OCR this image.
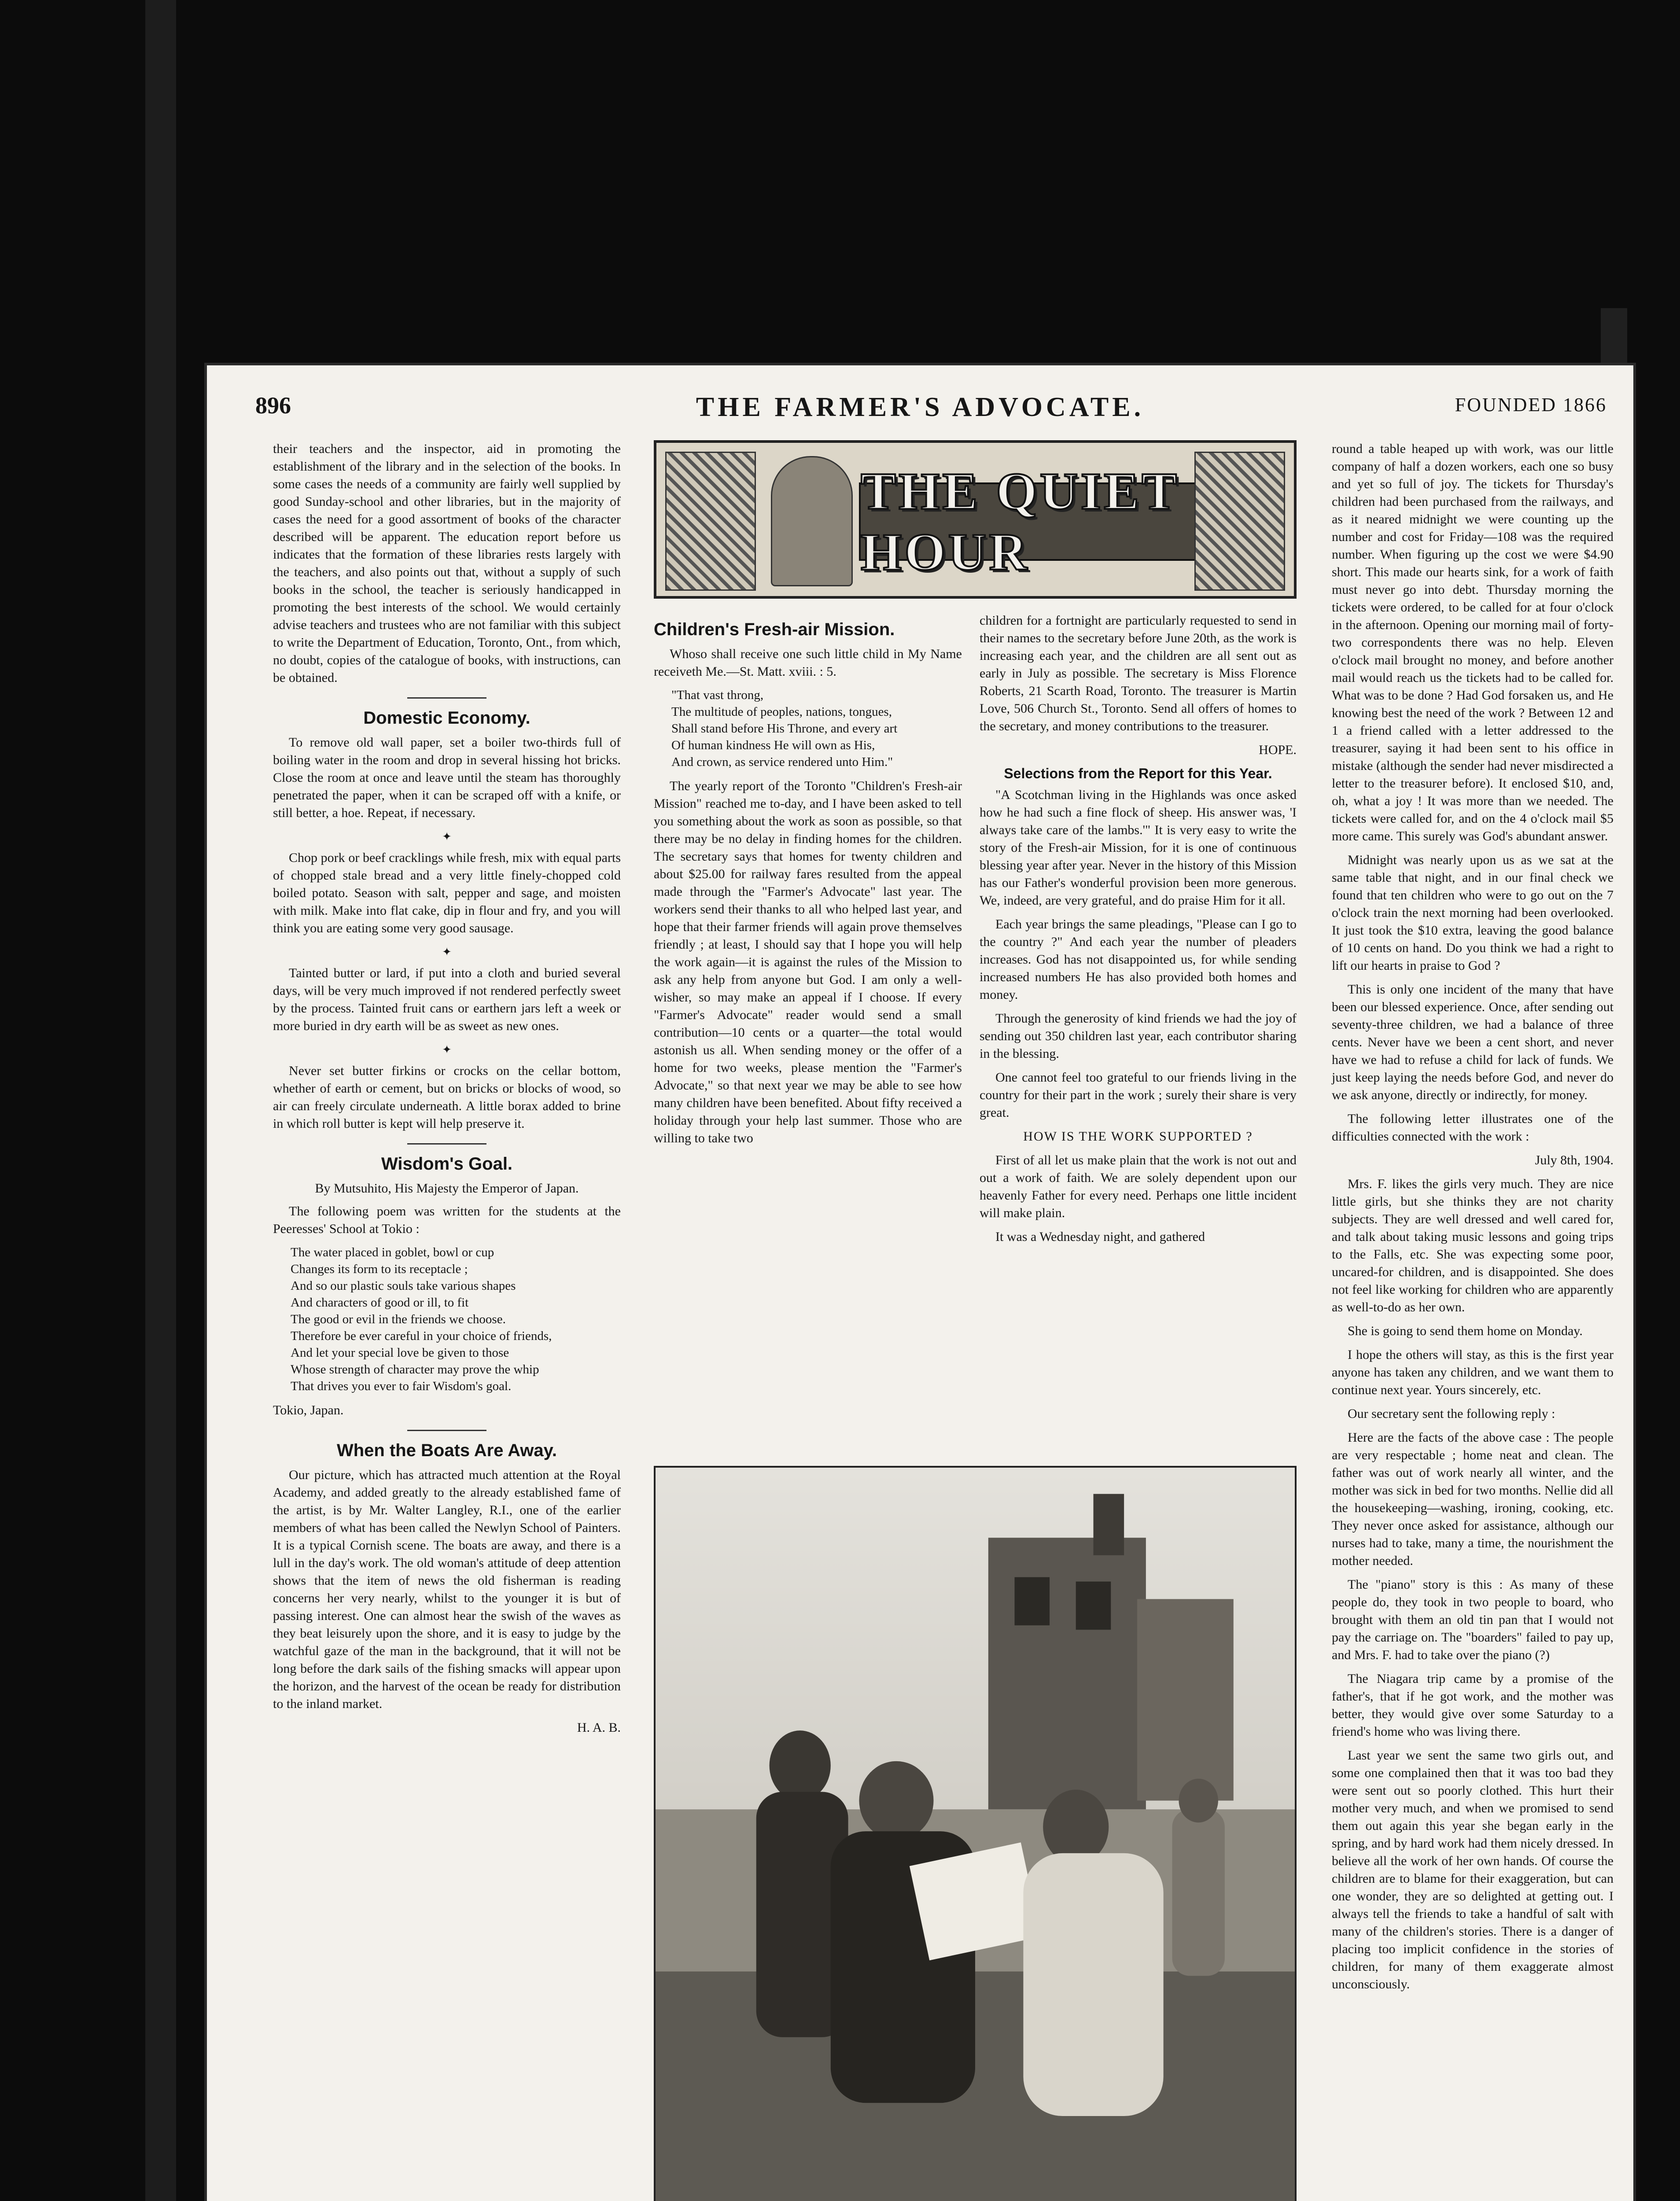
896	THE FARMER'S ADVOCATE.	FOUNDED 1866

their teachers and the inspector, aid in promoting the establishment of the library and in the selection of the books. In some cases the needs of a community are fairly well supplied by good Sunday-school and other libraries, but in the majority of cases the need for a good assortment of books of the character described will be apparent. The education report before us indicates that the formation of these libraries rests largely with the teachers, and also points out that, without a supply of such books in the school, the teacher is seriously handicapped in promoting the best interests of the school. We would certainly advise teachers and trustees who are not familiar with this subject to write the Department of Education, Toronto, Ont., from which, no doubt, copies of the catalogue of books, with instructions, can be obtained.

Domestic Economy.

To remove old wall paper, set a boiler two-thirds full of boiling water in the room and drop in several hissing hot bricks. Close the room at once and leave until the steam has thoroughly penetrated the paper, when it can be scraped off with a knife, or still better, a hoe. Repeat, if necessary.

✦

Chop pork or beef cracklings while fresh, mix with equal parts of chopped stale bread and a very little finely-chopped cold boiled potato. Season with salt, pepper and sage, and moisten with milk. Make into flat cake, dip in flour and fry, and you will think you are eating some very good sausage.

✦

Tainted butter or lard, if put into a cloth and buried several days, will be very much improved if not rendered perfectly sweet by the process. Tainted fruit cans or earthern jars left a week or more buried in dry earth will be as sweet as new ones.

✦

Never set butter firkins or crocks on the cellar bottom, whether of earth or cement, but on bricks or blocks of wood, so air can freely circulate underneath. A little borax added to brine in which roll butter is kept will help preserve it.

Wisdom's Goal.
By Mutsuhito, His Majesty the Emperor of Japan.

The following poem was written for the students at the Peeresses' School at Tokio :

The water placed in goblet, bowl or cup
Changes its form to its receptacle ;
And so our plastic souls take various shapes
And characters of good or ill, to fit
The good or evil in the friends we choose.
Therefore be ever careful in your choice of friends,
And let your special love be given to those
Whose strength of character may prove the whip
That drives you ever to fair Wisdom's goal.

Tokio, Japan.

When the Boats Are Away.

Our picture, which has attracted much attention at the Royal Academy, and added greatly to the already established fame of the artist, is by Mr. Walter Langley, R.I., one of the earlier members of what has been called the Newlyn School of Painters. It is a typical Cornish scene. The boats are away, and there is a lull in the day's work. The old woman's attitude of deep attention shows that the item of news the old fisherman is reading concerns her very nearly, whilst to the younger it is but of passing interest. One can almost hear the swish of the waves as they beat leisurely upon the shore, and it is easy to judge by the watchful gaze of the man in the background, that it will not be long before the dark sails of the fishing smacks will appear upon the horizon, and the harvest of the ocean be ready for distribution to the inland market.

H. A. B.
THE QUIET HOUR
Children's Fresh-air Mission.

Whoso shall receive one such little child in My Name receiveth Me.—St. Matt. xviii. : 5.

"That vast throng,
The multitude of peoples, nations, tongues,
Shall stand before His Throne, and every art
Of human kindness He will own as His,
And crown, as service rendered unto Him."

The yearly report of the Toronto "Children's Fresh-air Mission" reached me to-day, and I have been asked to tell you something about the work as soon as possible, so that there may be no delay in finding homes for the children. The secretary says that homes for twenty children and about $25.00 for railway fares resulted from the appeal made through the "Farmer's Advocate" last year. The workers send their thanks to all who helped last year, and hope that their farmer friends will again prove themselves friendly ; at least, I should say that I hope you will help the work again—it is against the rules of the Mission to ask any help from anyone but God. I am only a well-wisher, so may make an appeal if I choose. If every "Farmer's Advocate" reader would send a small contribution—10 cents or a quarter—the total would astonish us all. When sending money or the offer of a home for two weeks, please mention the "Farmer's Advocate," so that next year we may be able to see how many children have been benefited. About fifty received a holiday through your help last summer. Those who are willing to take two

children for a fortnight are particularly requested to send in their names to the secretary before June 20th, as the work is increasing each year, and the children are all sent out as early in July as possible. The secretary is Miss Florence Roberts, 21 Scarth Road, Toronto. The treasurer is Martin Love, 506 Church St., Toronto. Send all offers of homes to the secretary, and money contributions to the treasurer.

HOPE.
Selections from the Report for this Year.

"A Scotchman living in the Highlands was once asked how he had such a fine flock of sheep. His answer was, 'I always take care of the lambs.'" It is very easy to write the story of the Fresh-air Mission, for it is one of continuous blessing year after year. Never in the history of this Mission has our Father's wonderful provision been more generous. We, indeed, are very grateful, and do praise Him for it all.

Each year brings the same pleadings, "Please can I go to the country ?" And each year the number of pleaders increases. God has not disappointed us, for while sending increased numbers He has also provided both homes and money.

Through the generosity of kind friends we had the joy of sending out 350 children last year, each contributor sharing in the blessing.

One cannot feel too grateful to our friends living in the country for their part in the work ; surely their share is very great.

HOW IS THE WORK SUPPORTED ?

First of all let us make plain that the work is not out and out a work of faith. We are solely dependent upon our heavenly Father for every need. Perhaps one little incident will make plain.

It was a Wednesday night, and gathered

round a table heaped up with work, was our little company of half a dozen workers, each one so busy and yet so full of joy. The tickets for Thursday's children had been purchased from the railways, and as it neared midnight we were counting up the number and cost for Friday—108 was the required number. When figuring up the cost we were $4.90 short. This made our hearts sink, for a work of faith must never go into debt. Thursday morning the tickets were ordered, to be called for at four o'clock in the afternoon. Opening our morning mail of forty-two correspondents there was no help. Eleven o'clock mail brought no money, and before another mail would reach us the tickets had to be called for. What was to be done ? Had God forsaken us, and He knowing best the need of the work ? Between 12 and 1 a friend called with a letter addressed to the treasurer, saying it had been sent to his office in mistake (although the sender had never misdirected a letter to the treasurer before). It enclosed $10, and, oh, what a joy ! It was more than we needed. The tickets were called for, and on the 4 o'clock mail $5 more came. This surely was God's abundant answer.

Midnight was nearly upon us as we sat at the same table that night, and in our final check we found that ten children who were to go out on the 7 o'clock train the next morning had been overlooked. It just took the $10 extra, leaving the good balance of 10 cents on hand. Do you think we had a right to lift our hearts in praise to God ?

This is only one incident of the many that have been our blessed experience. Once, after sending out seventy-three children, we had a balance of three cents. Never have we been a cent short, and never have we had to refuse a child for lack of funds. We just keep laying the needs before God, and never do we ask anyone, directly or indirectly, for money.

The following letter illustrates one of the difficulties connected with the work :

July 8th, 1904.

Mrs. F. likes the girls very much. They are nice little girls, but she thinks they are not charity subjects. They are well dressed and well cared for, and talk about taking music lessons and going trips to the Falls, etc. She was expecting some poor, uncared-for children, and is disappointed. She does not feel like working for children who are apparently as well-to-do as her own.

She is going to send them home on Monday.

I hope the others will stay, as this is the first year anyone has taken any children, and we want them to continue next year. Yours sincerely, etc.

Our secretary sent the following reply :

Here are the facts of the above case : The people are very respectable ; home neat and clean. The father was out of work nearly all winter, and the mother was sick in bed for two months. Nellie did all the housekeeping—washing, ironing, cooking, etc. They never once asked for assistance, although our nurses had to take, many a time, the nourishment the mother needed.

The "piano" story is this : As many of these people do, they took in two people to board, who brought with them an old tin pan that I would not pay the carriage on. The "boarders" failed to pay up, and Mrs. F. had to take over the piano (?)

The Niagara trip came by a promise of the father's, that if he got work, and the mother was better, they would give over some Saturday to a friend's home who was living there.

Last year we sent the same two girls out, and some one complained then that it was too bad they were sent out so poorly clothed. This hurt their mother very much, and when we promised to send them out again this year she began early in the spring, and by hard work had them nicely dressed. In believe all the work of her own hands. Of course the children are to blame for their exaggeration, but can one wonder, they are so delighted at getting out. I always tell the friends to take a handful of salt with many of the children's stories. There is a danger of placing too implicit confidence in the stories of children, for many of them exaggerate almost unconsciously.
